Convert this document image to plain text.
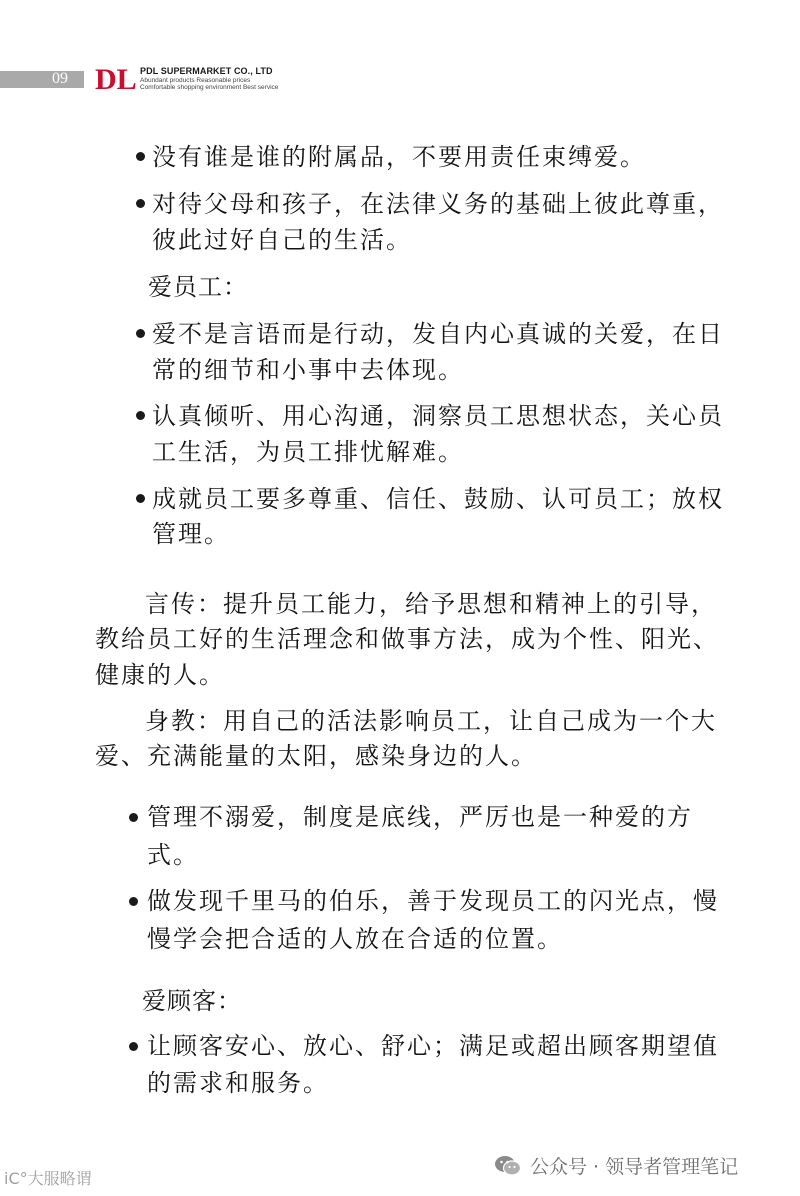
09 DL PDL SUPERMARKET CO., LTD
Abundant products Reasonable prices
Comfortable shopping environment Best service
没有谁是谁的附属品，不要用责任束缚爱。
对待父母和孩子，在法律义务的基础上彼此尊重，
彼此过好自己的生活。
爱员工：
爱不是言语而是行动，发自内心真诚的关爱，在日
常的细节和小事中去体现。
认真倾听、用心沟通，洞察员工思想状态，关心员
工生活，为员工排忧解难。
成就员工要多尊重、信任、鼓励、认可员工；放权
管理。
言传：提升员工能力，给予思想和精神上的引导，
教给员工好的生活理念和做事方法，成为个性、阳光、
健康的人。
身教：用自己的活法影响员工，让自己成为一个大
爱、充满能量的太阳，感染身边的人。
管理不溺爱，制度是底线，严厉也是一种爱的方
式。
做发现千里马的伯乐，善于发现员工的闪光点，慢
慢学会把合适的人放在合适的位置。
爱顾客：
让顾客安心、放心、舒心；满足或超出顾客期望值
的需求和服务。
iC°大服略谓
公众号 · 领导者管理笔记
